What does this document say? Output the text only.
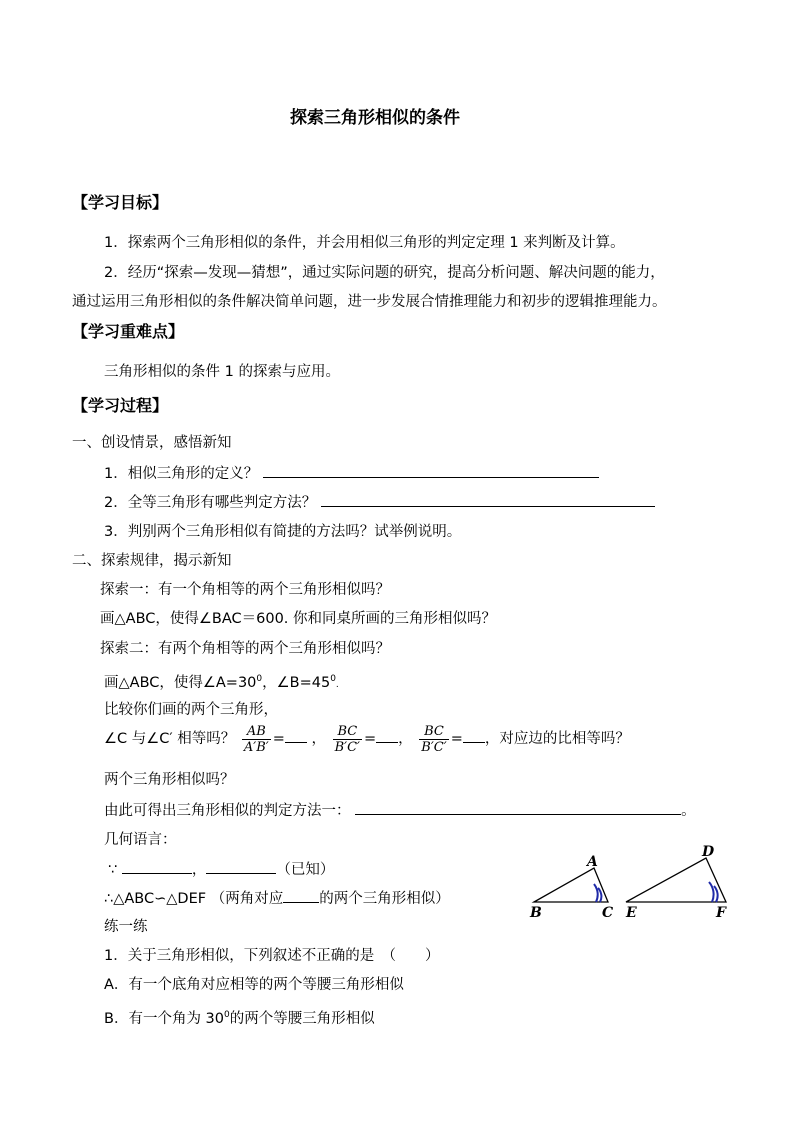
探索三角形相似的条件
【学习目标】
1．探索两个三角形相似的条件，并会用相似三角形的判定定理 1 来判断及计算。
2．经历“探索—发现—猜想”，通过实际问题的研究，提高分析问题、解决问题的能力，
通过运用三角形相似的条件解决简单问题，进一步发展合情推理能力和初步的逻辑推理能力。
【学习重难点】
三角形相似的条件 1 的探索与应用。
【学习过程】
一、创设情景，感悟新知
1．相似三角形的定义？
2．全等三角形有哪些判定方法？
3．判别两个三角形相似有简捷的方法吗？试举例说明。
二、探索规律，揭示新知
探索一：有一个角相等的两个三角形相似吗？
画△ABC，使得∠BAC＝600. 你和同桌所画的三角形相似吗？
探索二：有两个角相等的两个三角形相似吗？
画△ABC，使得$\angle A=30^0$，$\angle B=45^0$.
比较你们画的两个三角形，
∠C 与∠C′ 相等吗？ $\frac{AB}{A'B'}$ = ， $\frac{BC}{B'C'}$ = ， $\frac{BC}{B'C'}$ = ，对应边的比相等吗？
两个三角形相似吗？
由此可得出三角形相似的判定方法一：	。
几何语言：
∵	，	（已知）
∴△ABC∽△DEF （两角对应 的两个三角形相似）
练一练
1．关于三角形相似，下列叙述不正确的是　（　　）
A．有一个底角对应相等的两个等腰三角形相似
B．有一个角为 $30^0$的两个等腰三角形相似
A
B	C
D
E	F
